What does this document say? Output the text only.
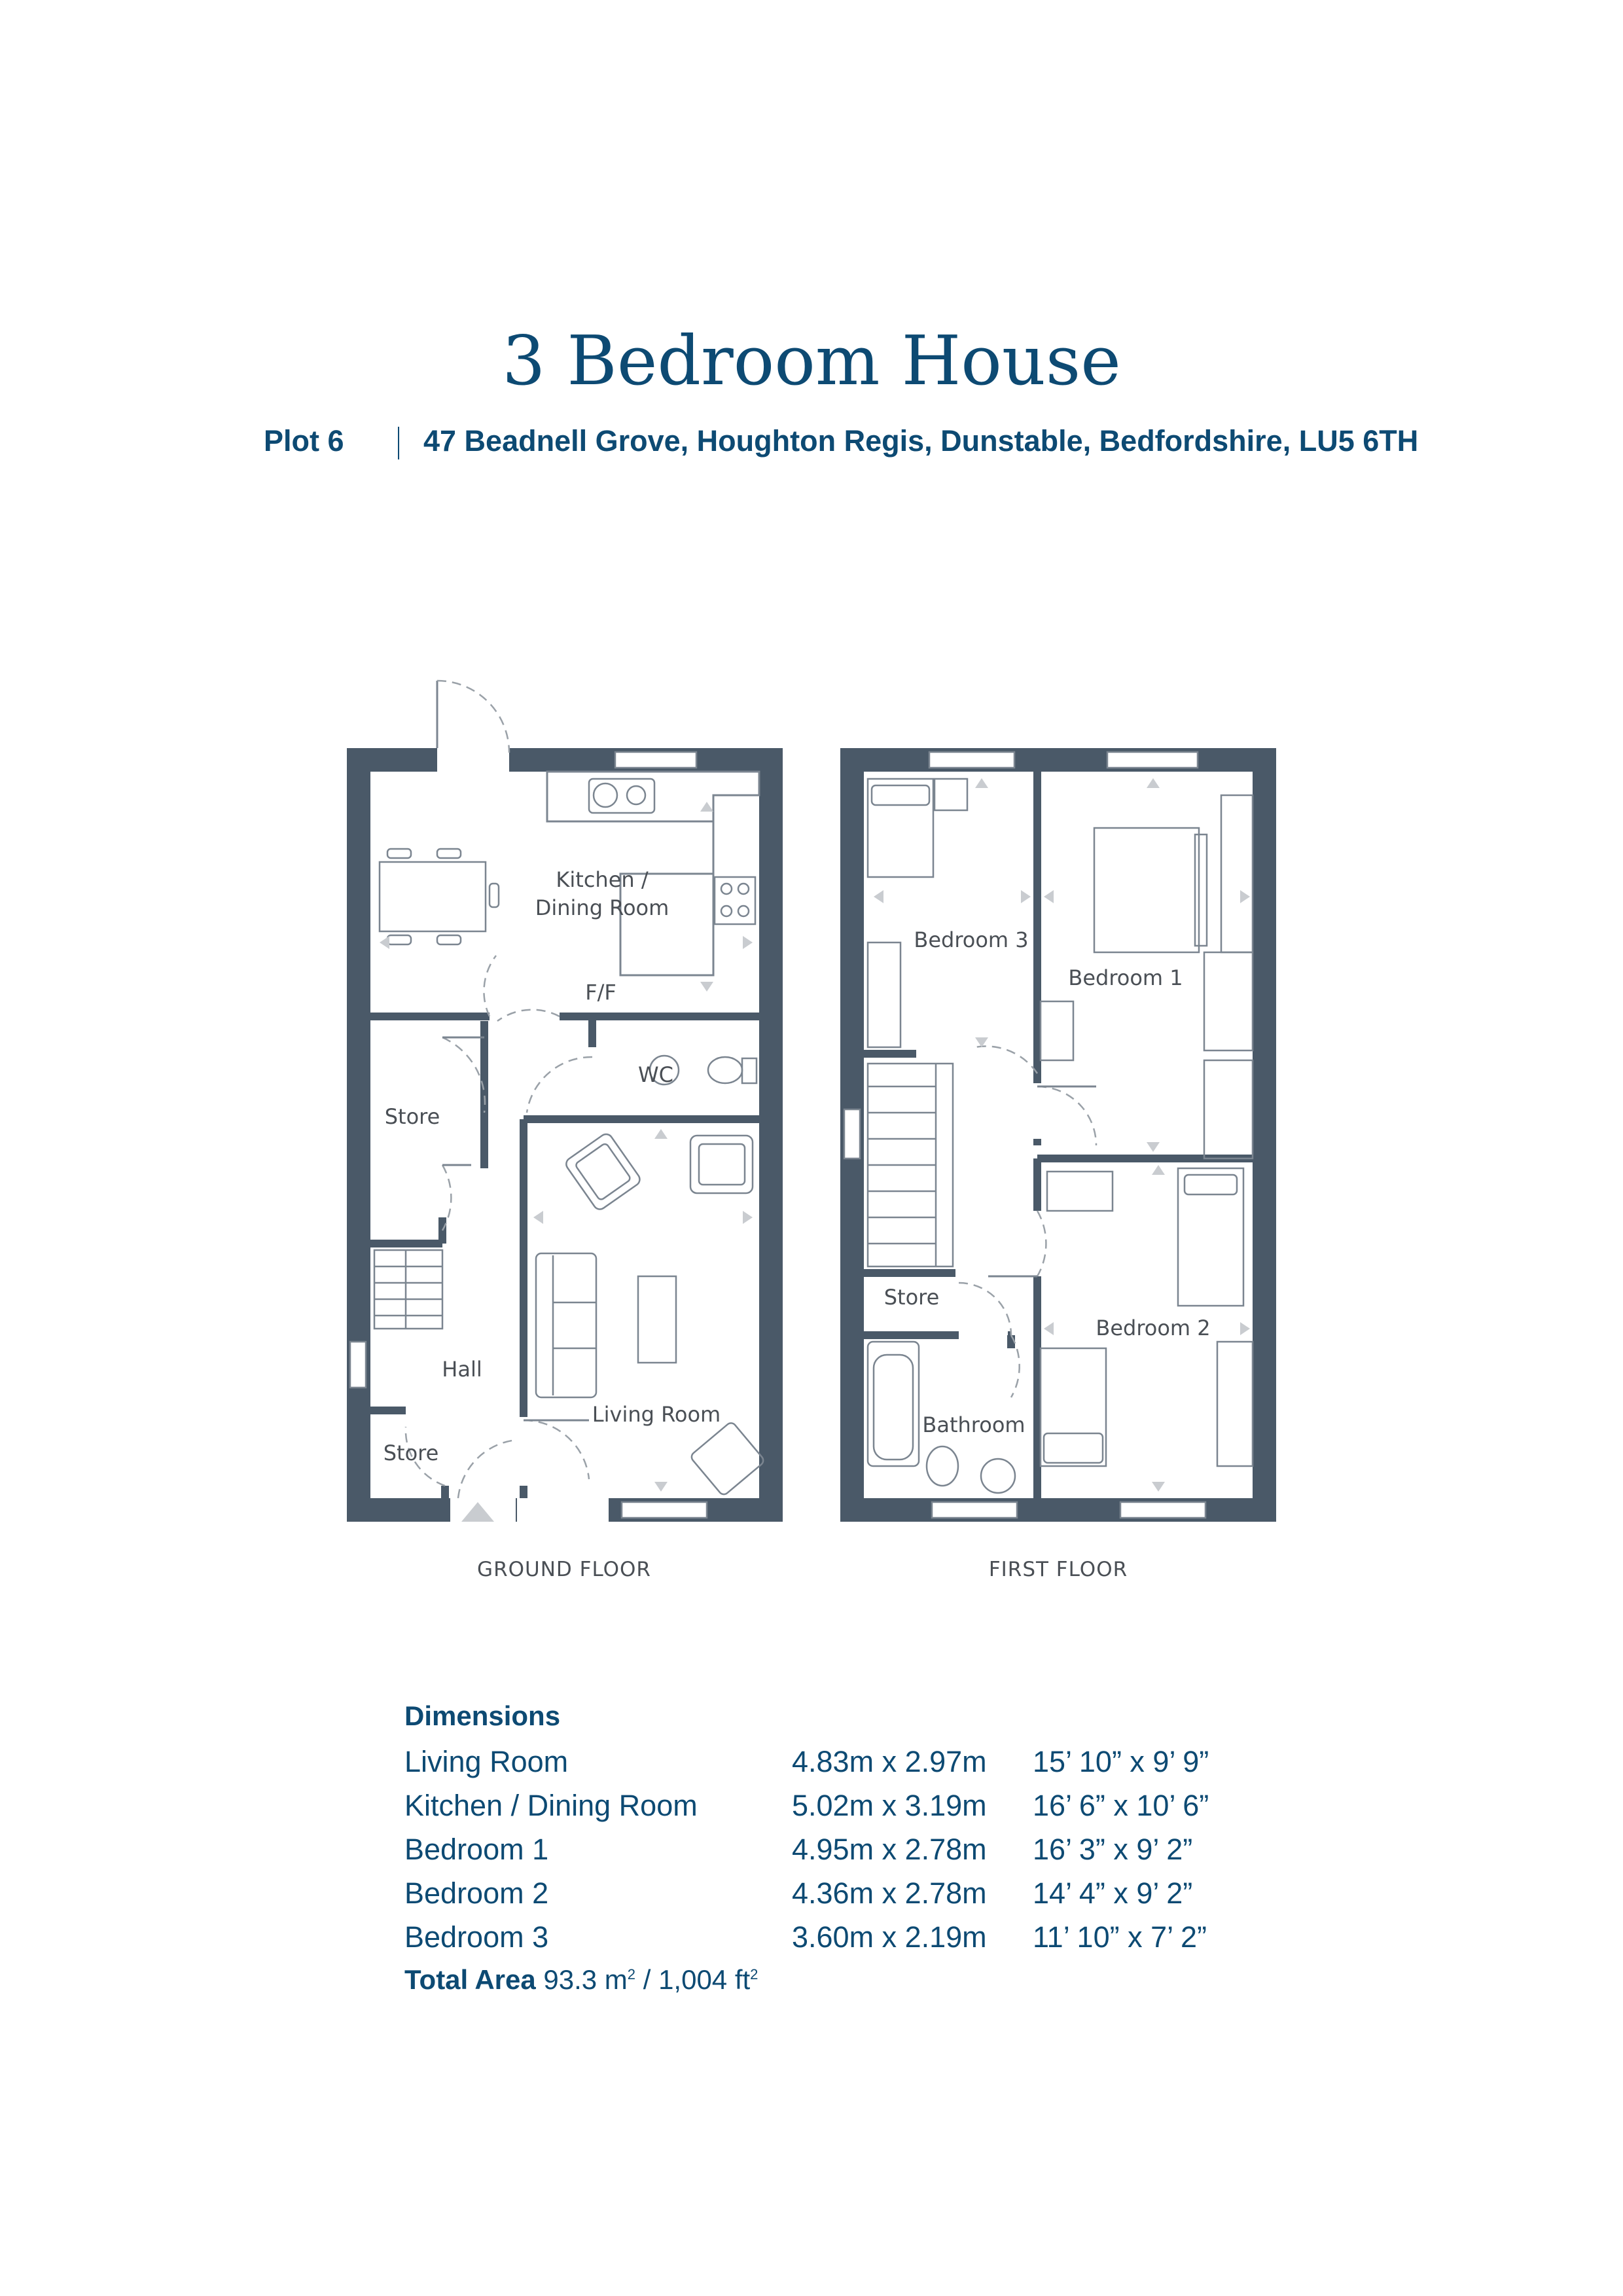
3 Bedroom House
Plot 6	47 Beadnell Grove, Houghton Regis, Dunstable, Bedfordshire, LU5 6TH
Kitchen /
Dining Room
F/F
WC
Store
Living Room
Hall
Store
Bedroom 3
Bedroom 1
Store
Bedroom 2
Bathroom
GROUND FLOOR	FIRST FLOOR
Dimensions
Living Room	4.83m x 2.97m 15’ 10” x 9’ 9”
Kitchen / Dining Room	5.02m x 3.19m 16’ 6” x 10’ 6”
Bedroom 1	4.95m x 2.78m 16’ 3” x 9’ 2”
Bedroom 2	4.36m x 2.78m 14’ 4” x 9’ 2”
Bedroom 3	3.60m x 2.19m 11’ 10” x 7’ 2”
Total Area 93.3 $m^2 / 1,004$ $ft^2$
